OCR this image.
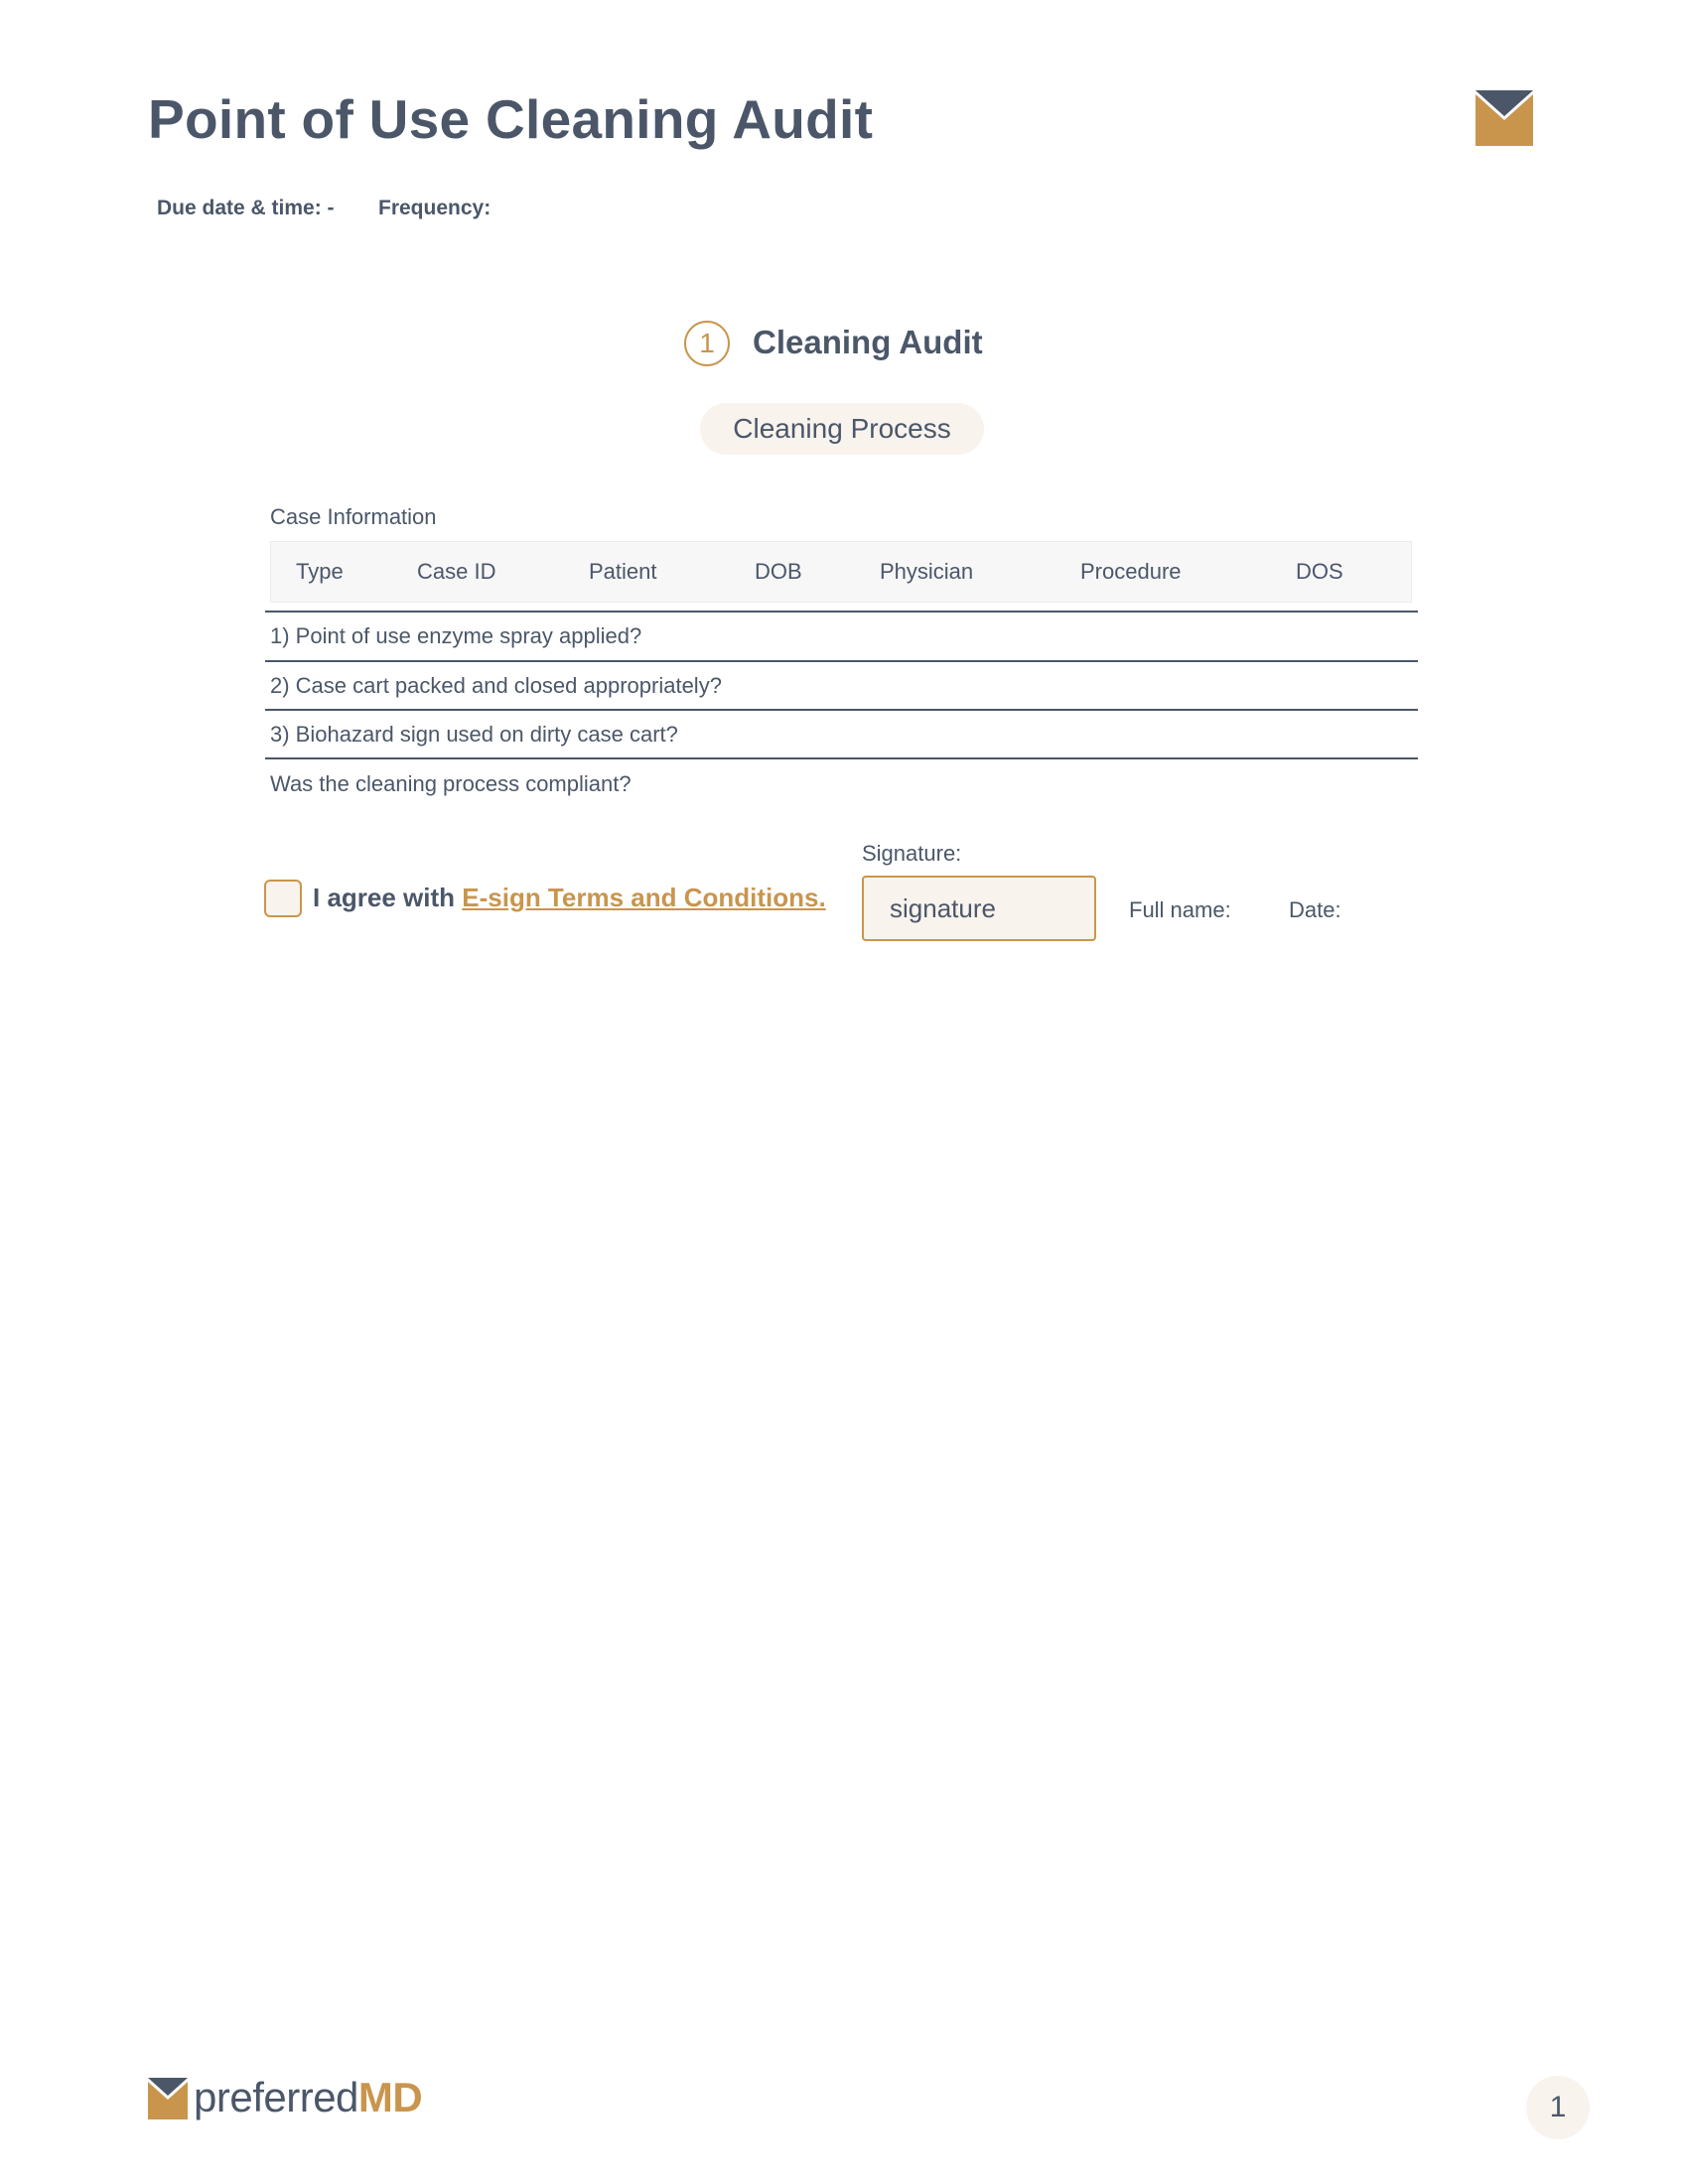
Point of Use Cleaning Audit
Due date & time: - Frequency:
1	Cleaning Audit
Cleaning Process
Case Information
Type	Case ID	Patient	DOB	Physician	Procedure	DOS
1) Point of use enzyme spray applied?
2) Case cart packed and closed appropriately?
3) Biohazard sign used on dirty case cart?
Was the cleaning process compliant?
I agree with E-sign Terms and Conditions.
Signature:
signature	Full name:	Date:
preferredMD	1
